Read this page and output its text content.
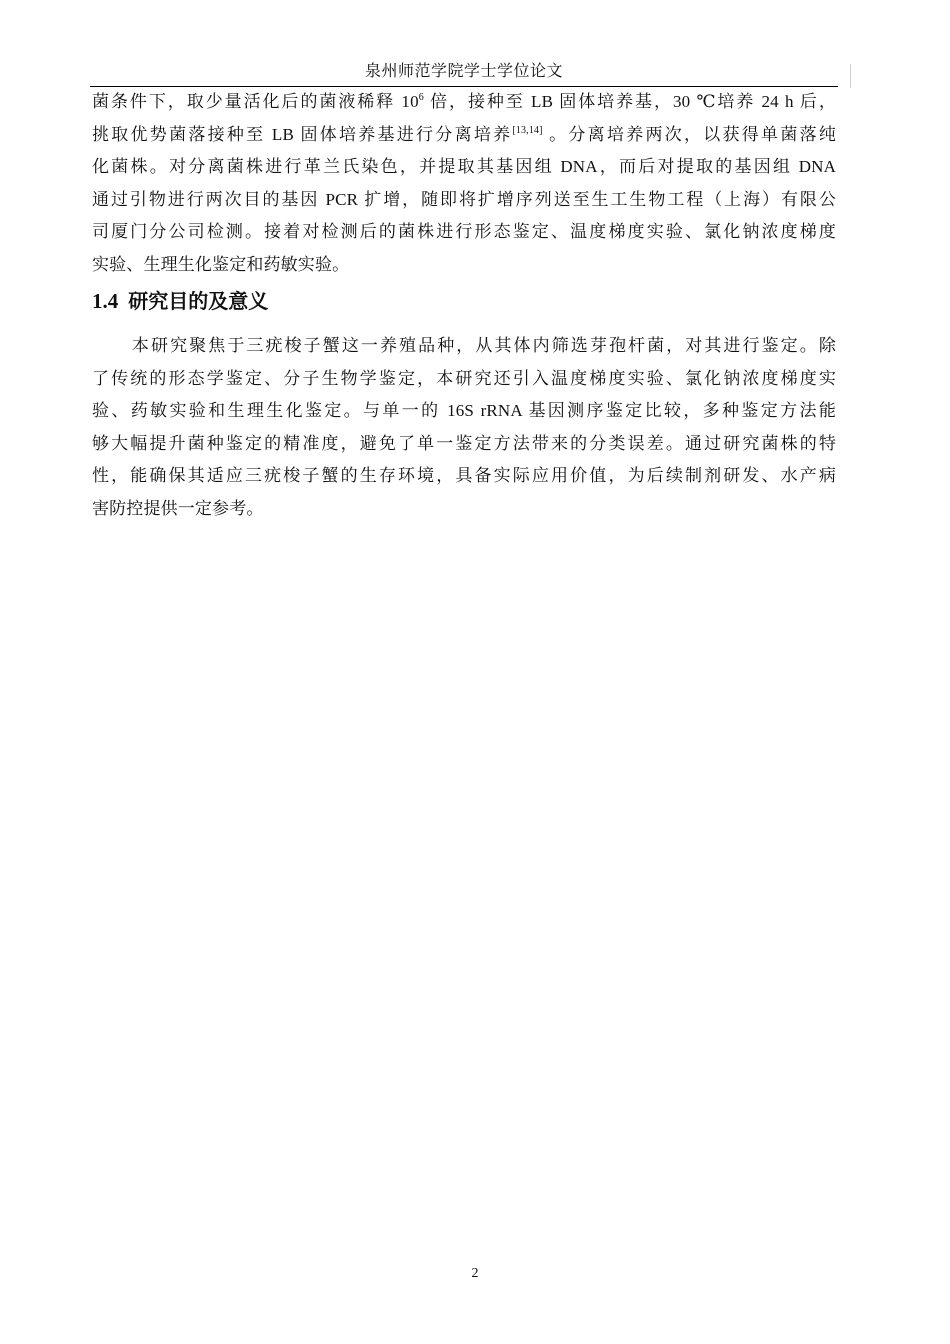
泉州师范学院学士学位论文
菌条件下，取少量活化后的菌液稀释 $10^6$ 倍，接种至 LB 固体培养基，30 ℃培养 24 h 后，
挑取优势菌落接种至 LB 固体培养基进行分离培养[13,14] 。分离培养两次，以获得单菌落纯
化菌株。对分离菌株进行革兰氏染色，并提取其基因组 DNA，而后对提取的基因组 DNA
通过引物进行两次目的基因 PCR 扩增，随即将扩增序列送至生工生物工程（上海）有限公
司厦门分公司检测。接着对检测后的菌株进行形态鉴定、温度梯度实验、氯化钠浓度梯度
实验、生理生化鉴定和药敏实验。
1.4 研究目的及意义
本研究聚焦于三疣梭子蟹这一养殖品种，从其体内筛选芽孢杆菌，对其进行鉴定。除
了传统的形态学鉴定、分子生物学鉴定，本研究还引入温度梯度实验、氯化钠浓度梯度实
验、药敏实验和生理生化鉴定。与单一的 16S rRNA 基因测序鉴定比较，多种鉴定方法能
够大幅提升菌种鉴定的精准度，避免了单一鉴定方法带来的分类误差。通过研究菌株的特
性，能确保其适应三疣梭子蟹的生存环境，具备实际应用价值，为后续制剂研发、水产病
害防控提供一定参考。
2
